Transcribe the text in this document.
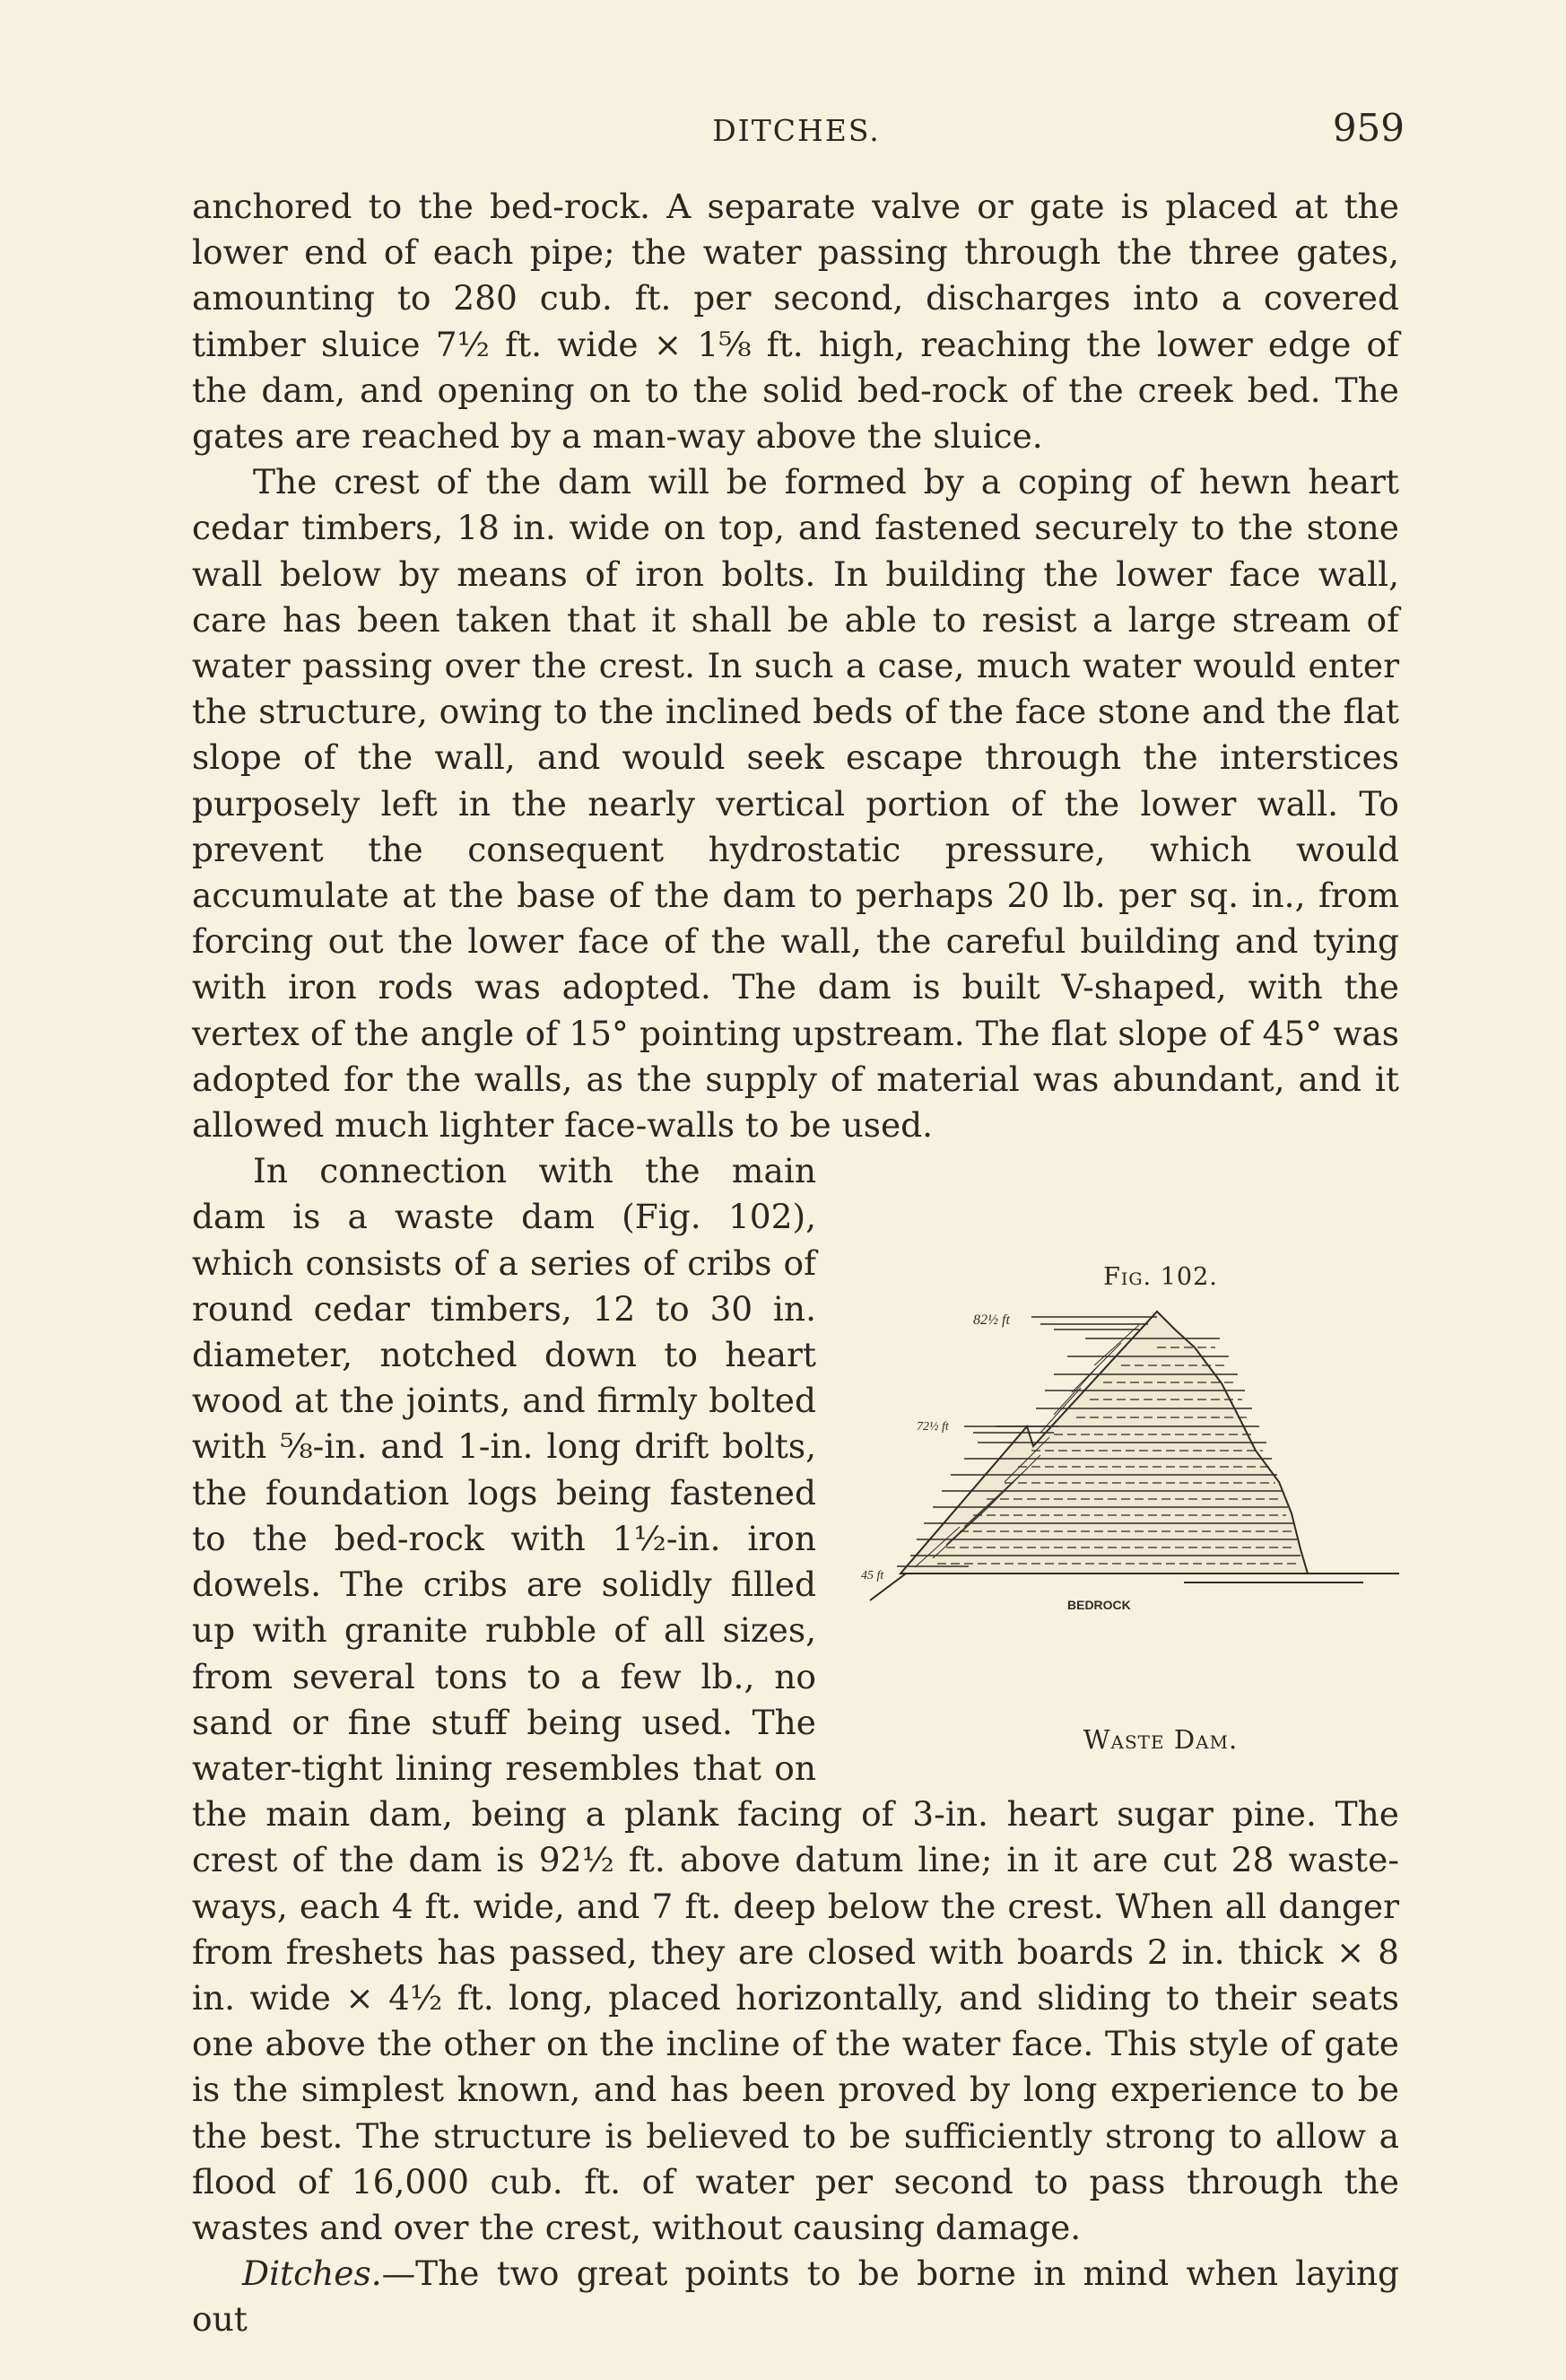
DITCHES.	959

anchored to the bed-rock. A separate valve or gate is placed at the lower end of each pipe; the water passing through the three gates, amounting to 280 cub. ft. per second, discharges into a covered timber sluice 7½ ft. wide × 1⅝ ft. high, reaching the lower edge of the dam, and opening on to the solid bed-rock of the creek bed. The gates are reached by a man-way above the sluice.

The crest of the dam will be formed by a coping of hewn heart cedar timbers, 18 in. wide on top, and fastened securely to the stone wall below by means of iron bolts. In building the lower face wall, care has been taken that it shall be able to resist a large stream of water passing over the crest. In such a case, much water would enter the structure, owing to the inclined beds of the face stone and the flat slope of the wall, and would seek escape through the interstices purposely left in the nearly vertical portion of the lower wall. To prevent the consequent hydrostatic pressure, which would accumulate at the base of the dam to perhaps 20 lb. per sq. in., from forcing out the lower face of the wall, the careful building and tying with iron rods was adopted. The dam is built V-shaped, with the vertex of the angle of 15° pointing upstream. The flat slope of 45° was adopted for the walls, as the supply of material was abundant, and it allowed much lighter face-walls to be used.

Fig. 102.
82½ ft
72½ ft
45 ft
BEDROCK
Waste Dam.
In connection with the main dam is a waste dam (Fig. 102), which consists of a series of cribs of round cedar timbers, 12 to 30 in. diameter, notched down to heart wood at the joints, and firmly bolted with ⅝-in. and 1-in. long drift bolts, the foundation logs being fastened to the bed-rock with 1½-in. iron dowels. The cribs are solidly filled up with granite rubble of all sizes, from several tons to a few lb., no sand or fine stuff being used. The water-tight lining resembles that on the main dam, being a plank facing of 3-in. heart sugar pine. The crest of the dam is 92½ ft. above datum line; in it are cut 28 waste-ways, each 4 ft. wide, and 7 ft. deep below the crest. When all danger from freshets has passed, they are closed with boards 2 in. thick × 8 in. wide × 4½ ft. long, placed horizontally, and sliding to their seats one above the other on the incline of the water face. This style of gate is the simplest known, and has been proved by long experience to be the best. The structure is believed to be sufficiently strong to allow a flood of 16,000 cub. ft. of water per second to pass through the wastes and over the crest, without causing damage.

Ditches.—The two great points to be borne in mind when laying out
